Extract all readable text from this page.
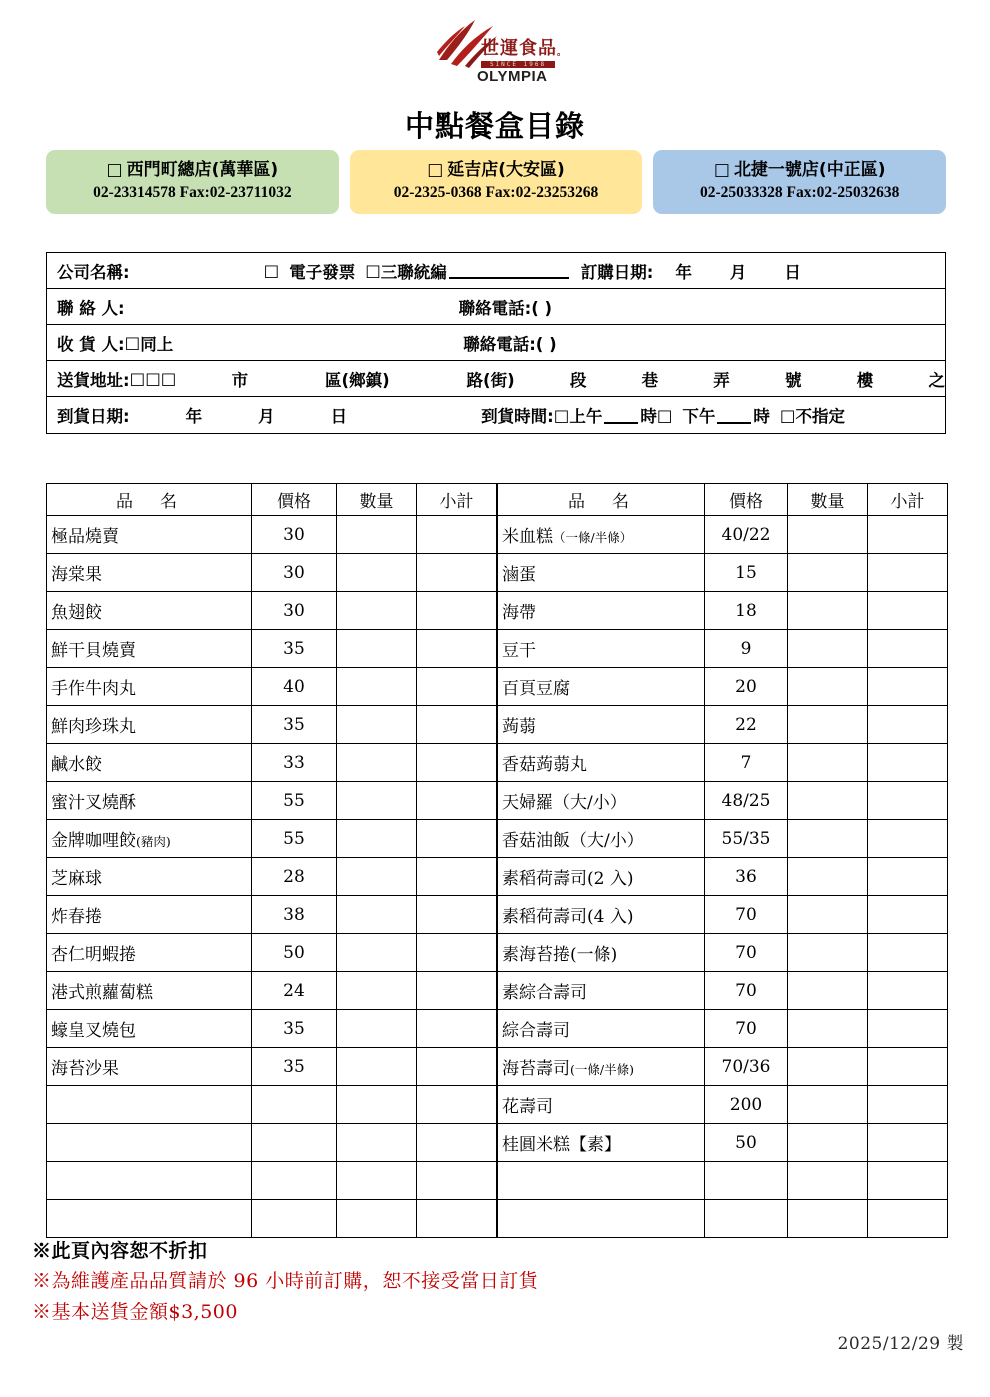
世運食品。
SINCE 1968
OLYMPIA
中點餐盒目錄
□ 西門町總店(萬華區)
02-23314578 Fax:02-23711032
□ 延吉店(大安區)
02-2325-0368 Fax:02-23253268
□ 北捷一號店(中正區)
02-25033328 Fax:02-25032638
公司名稱:	□ 電子發票 □ 三聯統編	訂購日期: 年 月 日
聯 絡 人:	聯絡電話:( )
收 貨 人: □ 同上	聯絡電話:( )
送貨地址: □□□	市	區(鄉鎮)	路(街)	段	巷	弄	號	樓	之
到貨日期:	年	月	日	到貨時間: □ 上午 時 □ 下午 時 □ 不指定
品　名	價格	數量	小計
極品燒賣	30		
海棠果	30		
魚翅餃	30		
鮮干貝燒賣	35		
手作牛肉丸	40		
鮮肉珍珠丸	35		
鹹水餃	33		
蜜汁叉燒酥	55		
金牌咖哩餃(豬肉)	55		
芝麻球	28		
炸春捲	38		
杏仁明蝦捲	50		
港式煎蘿蔔糕	24		
蠔皇叉燒包	35		
海苔沙果	35		

品　名	價格	數量	小計
米血糕（一條/半條）	40/22		
滷蛋	15		
海帶	18		
豆干	9		
百頁豆腐	20		
蒟蒻	22		
香菇蒟蒻丸	7		
天婦羅（大/小）	48/25		
香菇油飯（大/小）	55/35		
素稻荷壽司(2 入)	36		
素稻荷壽司(4 入)	70		
素海苔捲(一條)	70		
素綜合壽司	70		
綜合壽司	70		
海苔壽司(一條/半條)	70/36		
花壽司	200		
桂圓米糕【素】	50		

※此頁內容恕不折扣
※為維護產品品質請於 96 小時前訂購，恕不接受當日訂貨
※基本送貨金額$3,500
2025/12/29 製
